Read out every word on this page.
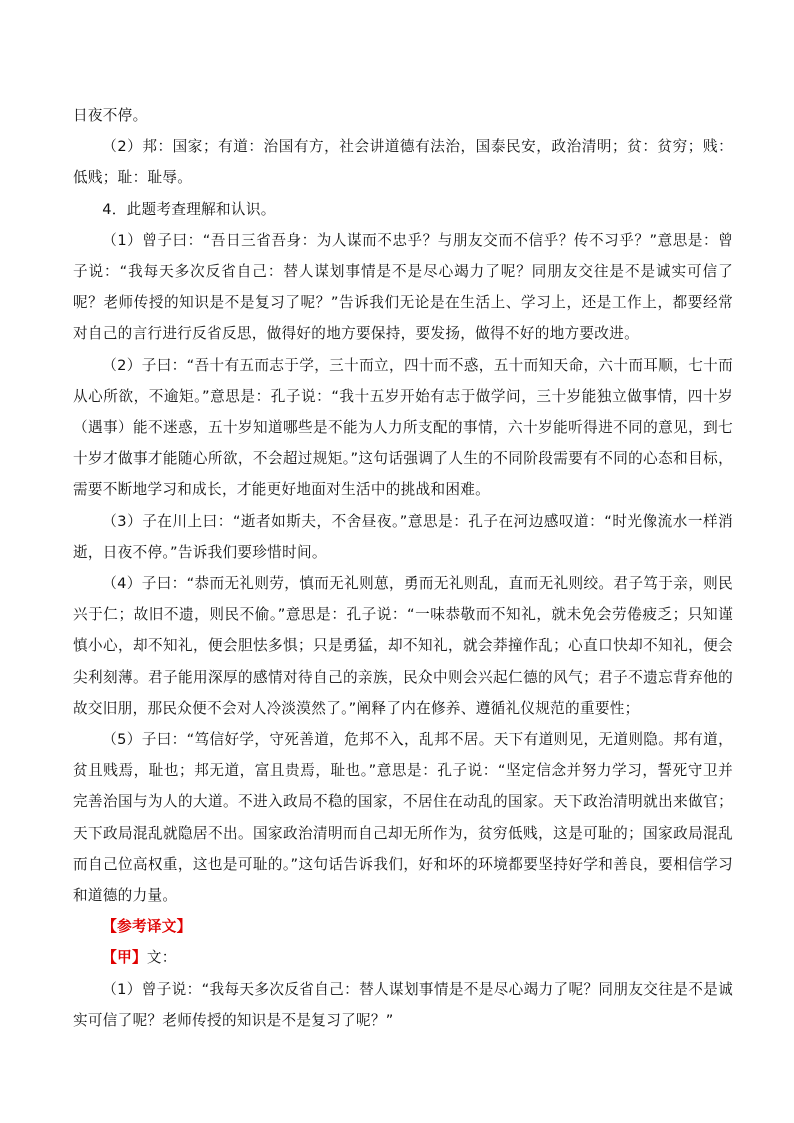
日夜不停。

（2）邦：国家；有道：治国有方，社会讲道德有法治，国泰民安，政治清明；贫：贫穷；贱：低贱；耻：耻辱。

4．此题考查理解和认识。

（1）曾子曰：“吾日三省吾身：为人谋而不忠乎？与朋友交而不信乎？传不习乎？”意思是：曾子说：“我每天多次反省自己：替人谋划事情是不是尽心竭力了呢？同朋友交往是不是诚实可信了呢？老师传授的知识是不是复习了呢？”告诉我们无论是在生活上、学习上，还是工作上，都要经常对自己的言行进行反省反思，做得好的地方要保持，要发扬，做得不好的地方要改进。

（2）子曰：“吾十有五而志于学，三十而立，四十而不惑，五十而知天命，六十而耳顺，七十而从心所欲，不逾矩。”意思是：孔子说：“我十五岁开始有志于做学问，三十岁能独立做事情，四十岁（遇事）能不迷惑，五十岁知道哪些是不能为人力所支配的事情，六十岁能听得进不同的意见，到七十岁才做事才能随心所欲，不会超过规矩。”这句话强调了人生的不同阶段需要有不同的心态和目标，需要不断地学习和成长，才能更好地面对生活中的挑战和困难。

（3）子在川上曰：“逝者如斯夫，不舍昼夜。”意思是：孔子在河边感叹道：“时光像流水一样消逝，日夜不停。”告诉我们要珍惜时间。

（4）子曰：“恭而无礼则劳，慎而无礼则葸，勇而无礼则乱，直而无礼则绞。君子笃于亲，则民兴于仁；故旧不遗，则民不偷。”意思是：孔子说：“一味恭敬而不知礼，就未免会劳倦疲乏；只知谨慎小心，却不知礼，便会胆怯多惧；只是勇猛，却不知礼，就会莽撞作乱；心直口快却不知礼，便会尖利刻薄。君子能用深厚的感情对待自己的亲族，民众中则会兴起仁德的风气；君子不遗忘背弃他的故交旧朋，那民众便不会对人冷淡漠然了。”阐释了内在修养、遵循礼仪规范的重要性；

（5）子曰：“笃信好学，守死善道，危邦不入，乱邦不居。天下有道则见，无道则隐。邦有道，贫且贱焉，耻也；邦无道，富且贵焉，耻也。”意思是：孔子说：“坚定信念并努力学习，誓死守卫并完善治国与为人的大道。不进入政局不稳的国家，不居住在动乱的国家。天下政治清明就出来做官；天下政局混乱就隐居不出。国家政治清明而自己却无所作为，贫穷低贱，这是可耻的；国家政局混乱而自己位高权重，这也是可耻的。”这句话告诉我们，好和坏的环境都要坚持好学和善良，要相信学习和道德的力量。

【参考译文】

【甲】文：

（1）曾子说：“我每天多次反省自己：替人谋划事情是不是尽心竭力了呢？同朋友交往是不是诚实可信了呢？老师传授的知识是不是复习了呢？”
